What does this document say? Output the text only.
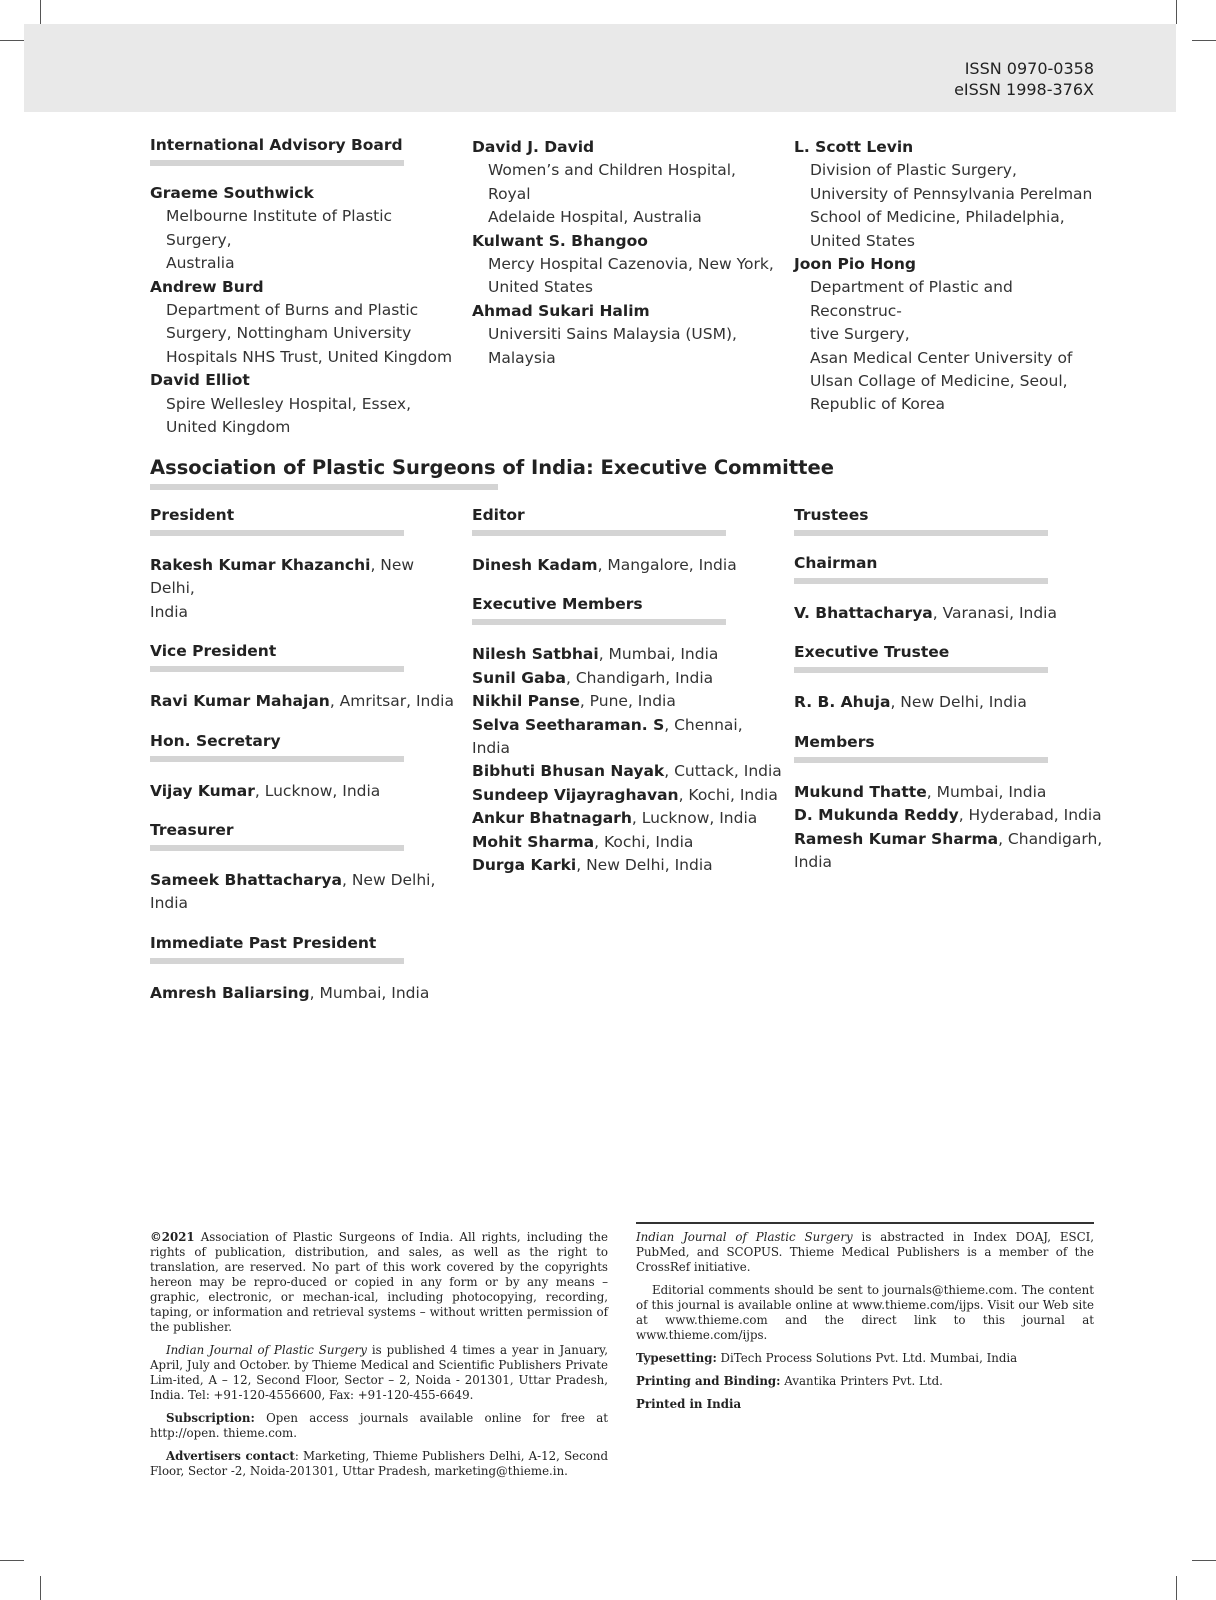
ISSN 0970-0358
eISSN 1998-376X
International Advisory Board
Graeme Southwick
Melbourne Institute of Plastic Surgery,
Australia
Andrew Burd
Department of Burns and Plastic
Surgery, Nottingham University
Hospitals NHS Trust, United Kingdom
David Elliot
Spire Wellesley Hospital, Essex,
United Kingdom
David J. David
Women’s and Children Hospital, Royal
Adelaide Hospital, Australia
Kulwant S. Bhangoo
Mercy Hospital Cazenovia, New York,
United States
Ahmad Sukari Halim
Universiti Sains Malaysia (USM),
Malaysia
L. Scott Levin
Division of Plastic Surgery,
University of Pennsylvania Perelman
School of Medicine, Philadelphia,
United States
Joon Pio Hong
Department of Plastic and Reconstruc-
tive Surgery,
Asan Medical Center University of
Ulsan Collage of Medicine, Seoul,
Republic of Korea
Association of Plastic Surgeons of India: Executive Committee
President
Rakesh Kumar Khazanchi, New Delhi,
India
Vice President
Ravi Kumar Mahajan, Amritsar, India
Hon. Secretary
Vijay Kumar, Lucknow, India
Treasurer
Sameek Bhattacharya, New Delhi, India
Immediate Past President
Amresh Baliarsing, Mumbai, India
Editor
Dinesh Kadam, Mangalore, India
Executive Members
Nilesh Satbhai, Mumbai, India
Sunil Gaba, Chandigarh, India
Nikhil Panse, Pune, India
Selva Seetharaman. S, Chennai, India
Bibhuti Bhusan Nayak, Cuttack, India
Sundeep Vijayraghavan, Kochi, India
Ankur Bhatnagarh, Lucknow, India
Mohit Sharma, Kochi, India
Durga Karki, New Delhi, India
Trustees
Chairman
V. Bhattacharya, Varanasi, India
Executive Trustee
R. B. Ahuja, New Delhi, India
Members
Mukund Thatte, Mumbai, India
D. Mukunda Reddy, Hyderabad, India
Ramesh Kumar Sharma, Chandigarh,
India

©2021 Association of Plastic Surgeons of India. All rights, including the rights of publication, distribution, and sales, as well as the right to translation, are reserved. No part of this work covered by the copyrights hereon may be repro-duced or copied in any form or by any means – graphic, electronic, or mechan-ical, including photocopying, recording, taping, or information and retrieval systems – without written permission of the publisher.

Indian Journal of Plastic Surgery is published 4 times a year in January, April, July and October. by Thieme Medical and Scientific Publishers Private Lim-ited, A – 12, Second Floor, Sector – 2, Noida - 201301, Uttar Pradesh, India. Tel: +91-120-4556600, Fax: +91-120-455-6649.

Subscription: Open access journals available online for free at http://open. thieme.com.

Advertisers contact: Marketing, Thieme Publishers Delhi, A-12, Second Floor, Sector -2, Noida-201301, Uttar Pradesh, marketing@thieme.in.

Indian Journal of Plastic Surgery is abstracted in Index DOAJ, ESCI, PubMed, and SCOPUS. Thieme Medical Publishers is a member of the CrossRef initiative.

Editorial comments should be sent to journals@thieme.com. The content of this journal is available online at www.thieme.com/ijps. Visit our Web site at www.thieme.com and the direct link to this journal at www.thieme.com/ijps.

Typesetting: DiTech Process Solutions Pvt. Ltd. Mumbai, India

Printing and Binding: Avantika Printers Pvt. Ltd.

Printed in India
